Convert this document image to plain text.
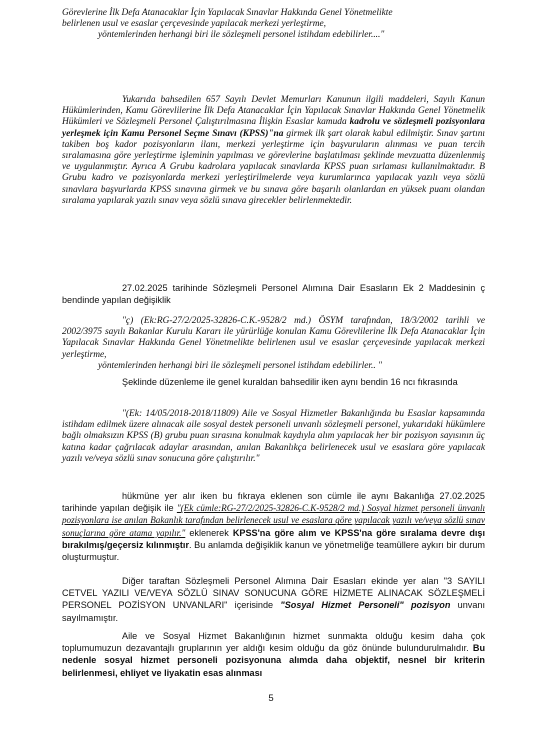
Görevlerine İlk Defa Atanacaklar İçin Yapılacak Sınavlar Hakkında Genel Yönetmelikte
belirlenen usul ve esaslar çerçevesinde yapılacak merkezi yerleştirme,
yöntemlerinden herhangi biri ile sözleşmeli personel istihdam edebilirler...."
Yukarıda bahsedilen 657 Sayılı Devlet Memurları Kanunun ilgili maddeleri, Sayılı Kanun Hükümlerinden, Kamu Görevlilerine İlk Defa Atanacaklar İçin Yapılacak Sınavlar Hakkında Genel Yönetmelik Hükümleri ve Sözleşmeli Personel Çalıştırılmasına İlişkin Esaslar kamuda kadrolu ve sözleşmeli pozisyonlara yerleşmek için Kamu Personel Seçme Sınavı (KPSS)"na girmek ilk şart olarak kabul edilmiştir. Sınav şartını takiben boş kador pozisyonların ilanı, merkezi yerleştirme için başvuruların alınması ve puan tercih sıralamasına göre yerleştirme işleminin yapılması ve görevlerine başlatılması şeklinde mevzuatta düzenlenmiş ve uygulanmıştır. Ayrıca A Grubu kadrolara yapılacak sınavlarda KPSS puan sırlaması kullanılmaktadır. B Grubu kadro ve pozisyonlarda merkezi yerleştirilmelerde veya kurumlarınca yapılacak yazılı veya sözlü sınavlara başvurlarda KPSS sınavına girmek ve bu sınava göre başarılı olanlardan en yüksek puanı olandan sıralama yapılarak yazılı sınav veya sözlü sınava girecekler belirlenmektedir.
27.02.2025 tarihinde Sözleşmeli Personel Alımına Dair Esasların Ek 2 Maddesinin ç bendinde yapılan değişiklik
"ç) (Ek:RG-27/2/2025-32826-C.K.-9528/2 md.) ÖSYM tarafından, 18/3/2002 tarihli ve 2002/3975 sayılı Bakanlar Kurulu Kararı ile yürürlüğe konulan Kamu Görevlilerine İlk Defa Atanacaklar İçin Yapılacak Sınavlar Hakkında Genel Yönetmelikte belirlenen usul ve esaslar çerçevesinde yapılacak merkezi yerleştirme,
yöntemlerinden herhangi biri ile sözleşmeli personel istihdam edebilirler.. "
Şeklinde düzenleme ile genel kuraldan bahsedilir iken aynı bendin 16 ncı fıkrasında
"(Ek: 14/05/2018-2018/11809) Aile ve Sosyal Hizmetler Bakanlığında bu Esaslar kapsamında istihdam edilmek üzere alınacak aile sosyal destek personeli unvanlı sözleşmeli personel, yukarıdaki hükümlere bağlı olmaksızın KPSS (B) grubu puan sırasına konulmak kaydıyla alım yapılacak her bir pozisyon sayısının üç katına kadar çağrılacak adaylar arasından, anılan Bakanlıkça belirlenecek usul ve esaslara göre yapılacak yazılı ve/veya sözlü sınav sonucuna göre çalıştırılır."
hükmüne yer alır iken bu fıkraya eklenen son cümle ile aynı Bakanlığa 27.02.2025 tarihinde yapılan değişik ile "(Ek cümle:RG-27/2/2025-32826-C.K-9528/2 md.) Sosyal hizmet personeli ünvanlı pozisyonlara ise anılan Bakanlık tarafından belirlenecek usul ve esaslara göre yapılacak yazılı ve/veya sözlü sınav sonuçlarına göre atama yapılır." eklenerek KPSS'na göre alım ve KPSS'na göre sıralama devre dışı bırakılmış/geçersiz kılınmıştır. Bu anlamda değişiklik kanun ve yönetmeliğe teamüllere aykırı bir durum oluşturmuştur.
Diğer taraftan Sözleşmeli Personel Alımına Dair Esasları ekinde yer alan "3 SAYILI CETVEL YAZILI VE/VEYA SÖZLÜ SINAV SONUCUNA GÖRE HİZMETE ALINACAK SÖZLEŞMELİ PERSONEL POZİSYON UNVANLARI" içerisinde "Sosyal Hizmet Personeli" pozisyon unvanı sayılmamıştır.
Aile ve Sosyal Hizmet Bakanlığının hizmet sunmakta olduğu kesim daha çok toplumumuzun dezavantajlı gruplarının yer aldığı kesim olduğu da göz önünde bulundurulmalıdır. Bu nedenle sosyal hizmet personeli pozisyonuna alımda daha objektif, nesnel bir kriterin belirlenmesi, ehliyet ve liyakatin esas alınması
5
